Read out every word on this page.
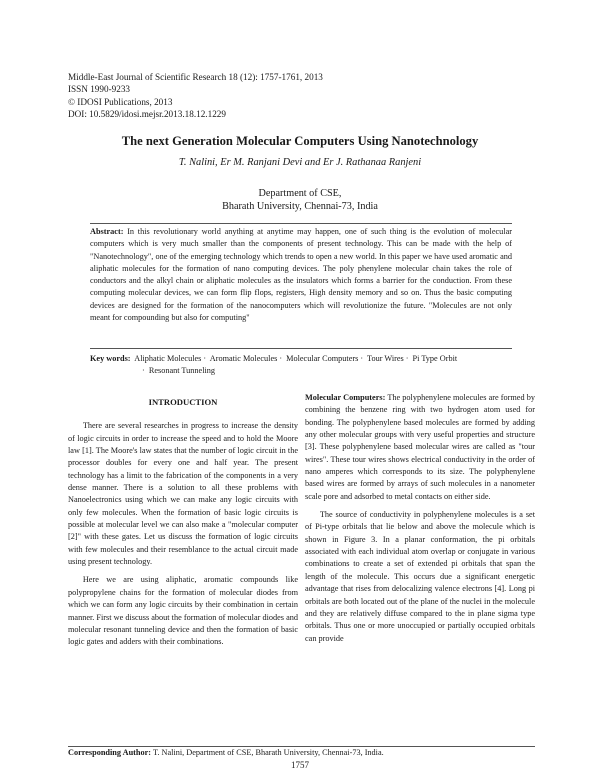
Middle-East Journal of Scientific Research 18 (12): 1757-1761, 2013
ISSN 1990-9233
© IDOSI Publications, 2013
DOI: 10.5829/idosi.mejsr.2013.18.12.1229
The next Generation Molecular Computers Using Nanotechnology
T. Nalini, Er M. Ranjani Devi and Er J. Rathanaa Ranjeni
Department of CSE,
Bharath University, Chennai-73, India
Abstract: In this revolutionary world anything at anytime may happen, one of such thing is the evolution of molecular computers which is very much smaller than the components of present technology. This can be made with the help of "Nanotechnology", one of the emerging technology which trends to open a new world. In this paper we have used aromatic and aliphatic molecules for the formation of nano computing devices. The poly phenylene molecular chain takes the role of conductors and the alkyl chain or aliphatic molecules as the insulators which forms a barrier for the conduction. From these computing molecular devices, we can form flip flops, registers, High density memory and so on. Thus the basic computing devices are designed for the formation of the nanocomputers which will revolutionize the future. "Molecules are not only meant for compounding but also for computing"
Key words: Aliphatic Molecules · Aromatic Molecules · Molecular Computers · Tour Wires · Pi Type Orbit
· Resonant Tunneling
INTRODUCTION

There are several researches in progress to increase the density of logic circuits in order to increase the speed and to hold the Moore law [1]. The Moore's law states that the number of logic circuit in the processor doubles for every one and half year. The present technology has a limit to the fabrication of the components in a very dense manner. There is a solution to all these problems with Nanoelectronics using which we can make any logic circuits with only few molecules. When the formation of basic logic circuits is possible at molecular level we can also make a "molecular computer [2]" with these gates. Let us discuss the formation of logic circuits with few molecules and their resemblance to the actual circuit made using present technology.

Here we are using aliphatic, aromatic compounds like polypropylene chains for the formation of molecular diodes from which we can form any logic circuits by their combination in certain manner. First we discuss about the formation of molecular diodes and molecular resonant tunneling device and then the formation of basic logic gates and adders with their combinations.

Molecular Computers: The polyphenylene molecules are formed by combining the benzene ring with two hydrogen atom used for bonding. The polyphenylene based molecules are formed by adding any other molecular groups with very useful properties and structure [3]. These polyphenylene based molecular wires are called as "tour wires". These tour wires shows electrical conductivity in the order of nano amperes which corresponds to its size. The polyphenylene based wires are formed by arrays of such molecules in a nanometer scale pore and adsorbed to metal contacts on either side.

The source of conductivity in polyphenylene molecules is a set of Pi-type orbitals that lie below and above the molecule which is shown in Figure 3. In a planar conformation, the pi orbitals associated with each individual atom overlap or conjugate in various combinations to create a set of extended pi orbitals that span the length of the molecule. This occurs due a significant energetic advantage that rises from delocalizing valence electrons [4]. Long pi orbitals are both located out of the plane of the nuclei in the molecule and they are relatively diffuse compared to the in plane sigma type orbitals. Thus one or more unoccupied or partially occupied orbitals can provide

Corresponding Author: T. Nalini, Department of CSE, Bharath University, Chennai-73, India.
1757
